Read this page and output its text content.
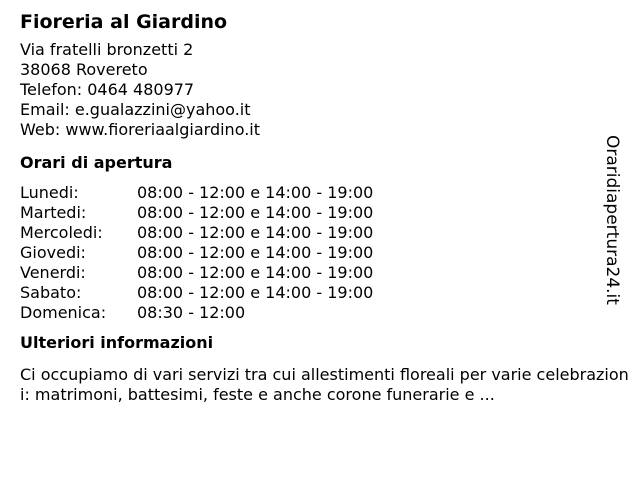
Fioreria al Giardino
Via fratelli bronzetti 2
38068 Rovereto
Telefon: 0464 480977
Email: e.gualazzini@yahoo.it
Web: www.fioreriaalgiardino.it
Orari di apertura
Lunedi:	08:00 - 12:00 e 14:00 - 19:00
Martedi:	08:00 - 12:00 e 14:00 - 19:00
Mercoledi:	08:00 - 12:00 e 14:00 - 19:00
Giovedi:	08:00 - 12:00 e 14:00 - 19:00
Venerdi:	08:00 - 12:00 e 14:00 - 19:00
Sabato:	08:00 - 12:00 e 14:00 - 19:00
Domenica:	08:30 - 12:00
Ulteriori informazioni
Ci occupiamo di vari servizi tra cui allestimenti floreali per varie celebrazioni: matrimoni, battesimi, feste e anche corone funerarie e ...
Oraridiapertura24.it
